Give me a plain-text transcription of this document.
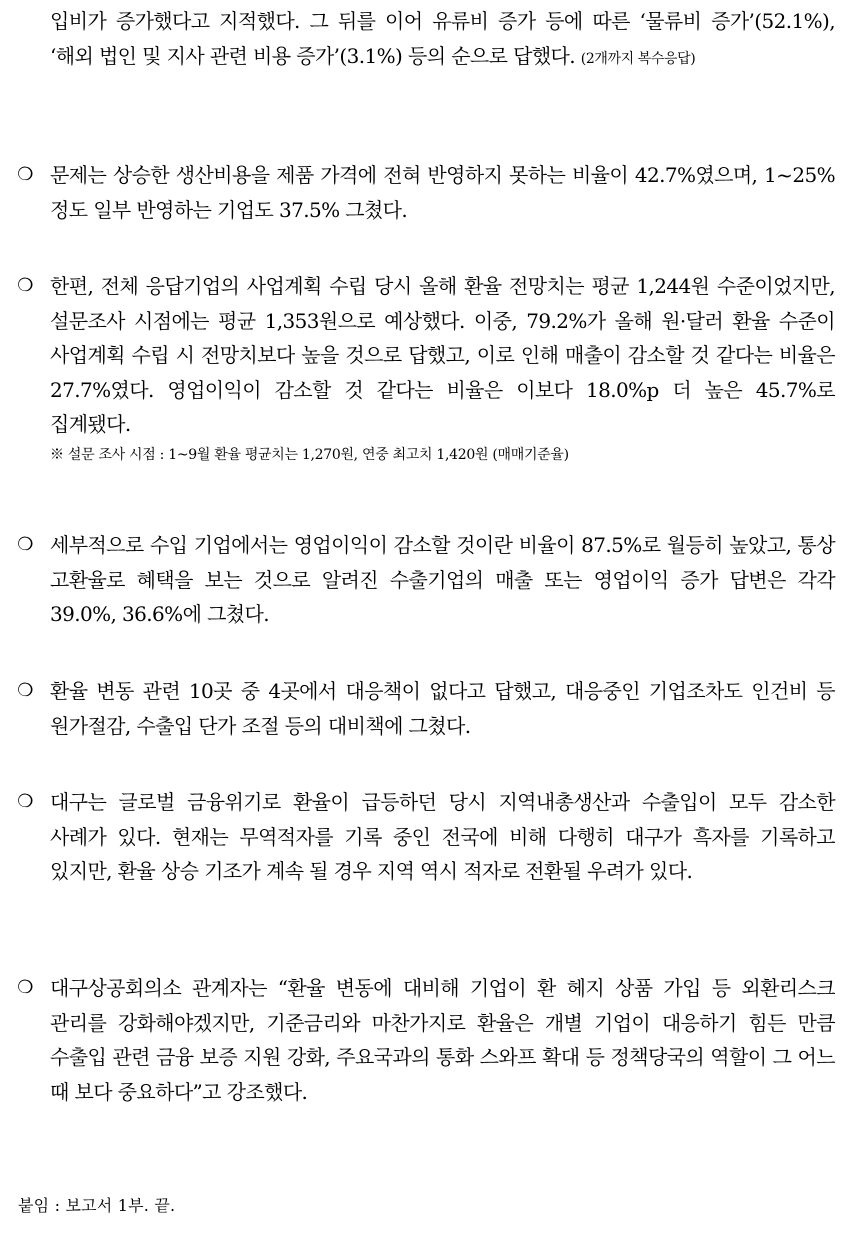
입비가 증가했다고 지적했다. 그 뒤를 이어 유류비 증가 등에 따른 ‘물류비 증가’(52.1%), ‘해외 법인 및 지사 관련 비용 증가’(3.1%) 등의 순으로 답했다. (2개까지 복수응답)
❍ 문제는 상승한 생산비용을 제품 가격에 전혀 반영하지 못하는 비율이 42.7%였으며, 1~25%정도 일부 반영하는 기업도 37.5% 그쳤다.
❍ 한편, 전체 응답기업의 사업계획 수립 당시 올해 환율 전망치는 평균 1,244원 수준이었지만, 설문조사 시점에는 평균 1,353원으로 예상했다. 이중, 79.2%가 올해 원·달러 환율 수준이 사업계획 수립 시 전망치보다 높을 것으로 답했고, 이로 인해 매출이 감소할 것 같다는 비율은 27.7%였다. 영업이익이 감소할 것 같다는 비율은 이보다 18.0%p 더 높은 45.7%로 집계됐다.
※ 설문 조사 시점 : 1~9월 환율 평균치는 1,270원, 연중 최고치 1,420원 (매매기준율)
❍ 세부적으로 수입 기업에서는 영업이익이 감소할 것이란 비율이 87.5%로 월등히 높았고, 통상 고환율로 혜택을 보는 것으로 알려진 수출기업의 매출 또는 영업이익 증가 답변은 각각 39.0%, 36.6%에 그쳤다.
❍ 환율 변동 관련 10곳 중 4곳에서 대응책이 없다고 답했고, 대응중인 기업조차도 인건비 등 원가절감, 수출입 단가 조절 등의 대비책에 그쳤다.
❍ 대구는 글로벌 금융위기로 환율이 급등하던 당시 지역내총생산과 수출입이 모두 감소한 사례가 있다. 현재는 무역적자를 기록 중인 전국에 비해 다행히 대구가 흑자를 기록하고 있지만, 환율 상승 기조가 계속 될 경우 지역 역시 적자로 전환될 우려가 있다.
❍ 대구상공회의소 관계자는 “환율 변동에 대비해 기업이 환 헤지 상품 가입 등 외환리스크 관리를 강화해야겠지만, 기준금리와 마찬가지로 환율은 개별 기업이 대응하기 힘든 만큼 수출입 관련 금융 보증 지원 강화, 주요국과의 통화 스와프 확대 등 정책당국의 역할이 그 어느 때 보다 중요하다”고 강조했다.
붙임 : 보고서 1부. 끝.
